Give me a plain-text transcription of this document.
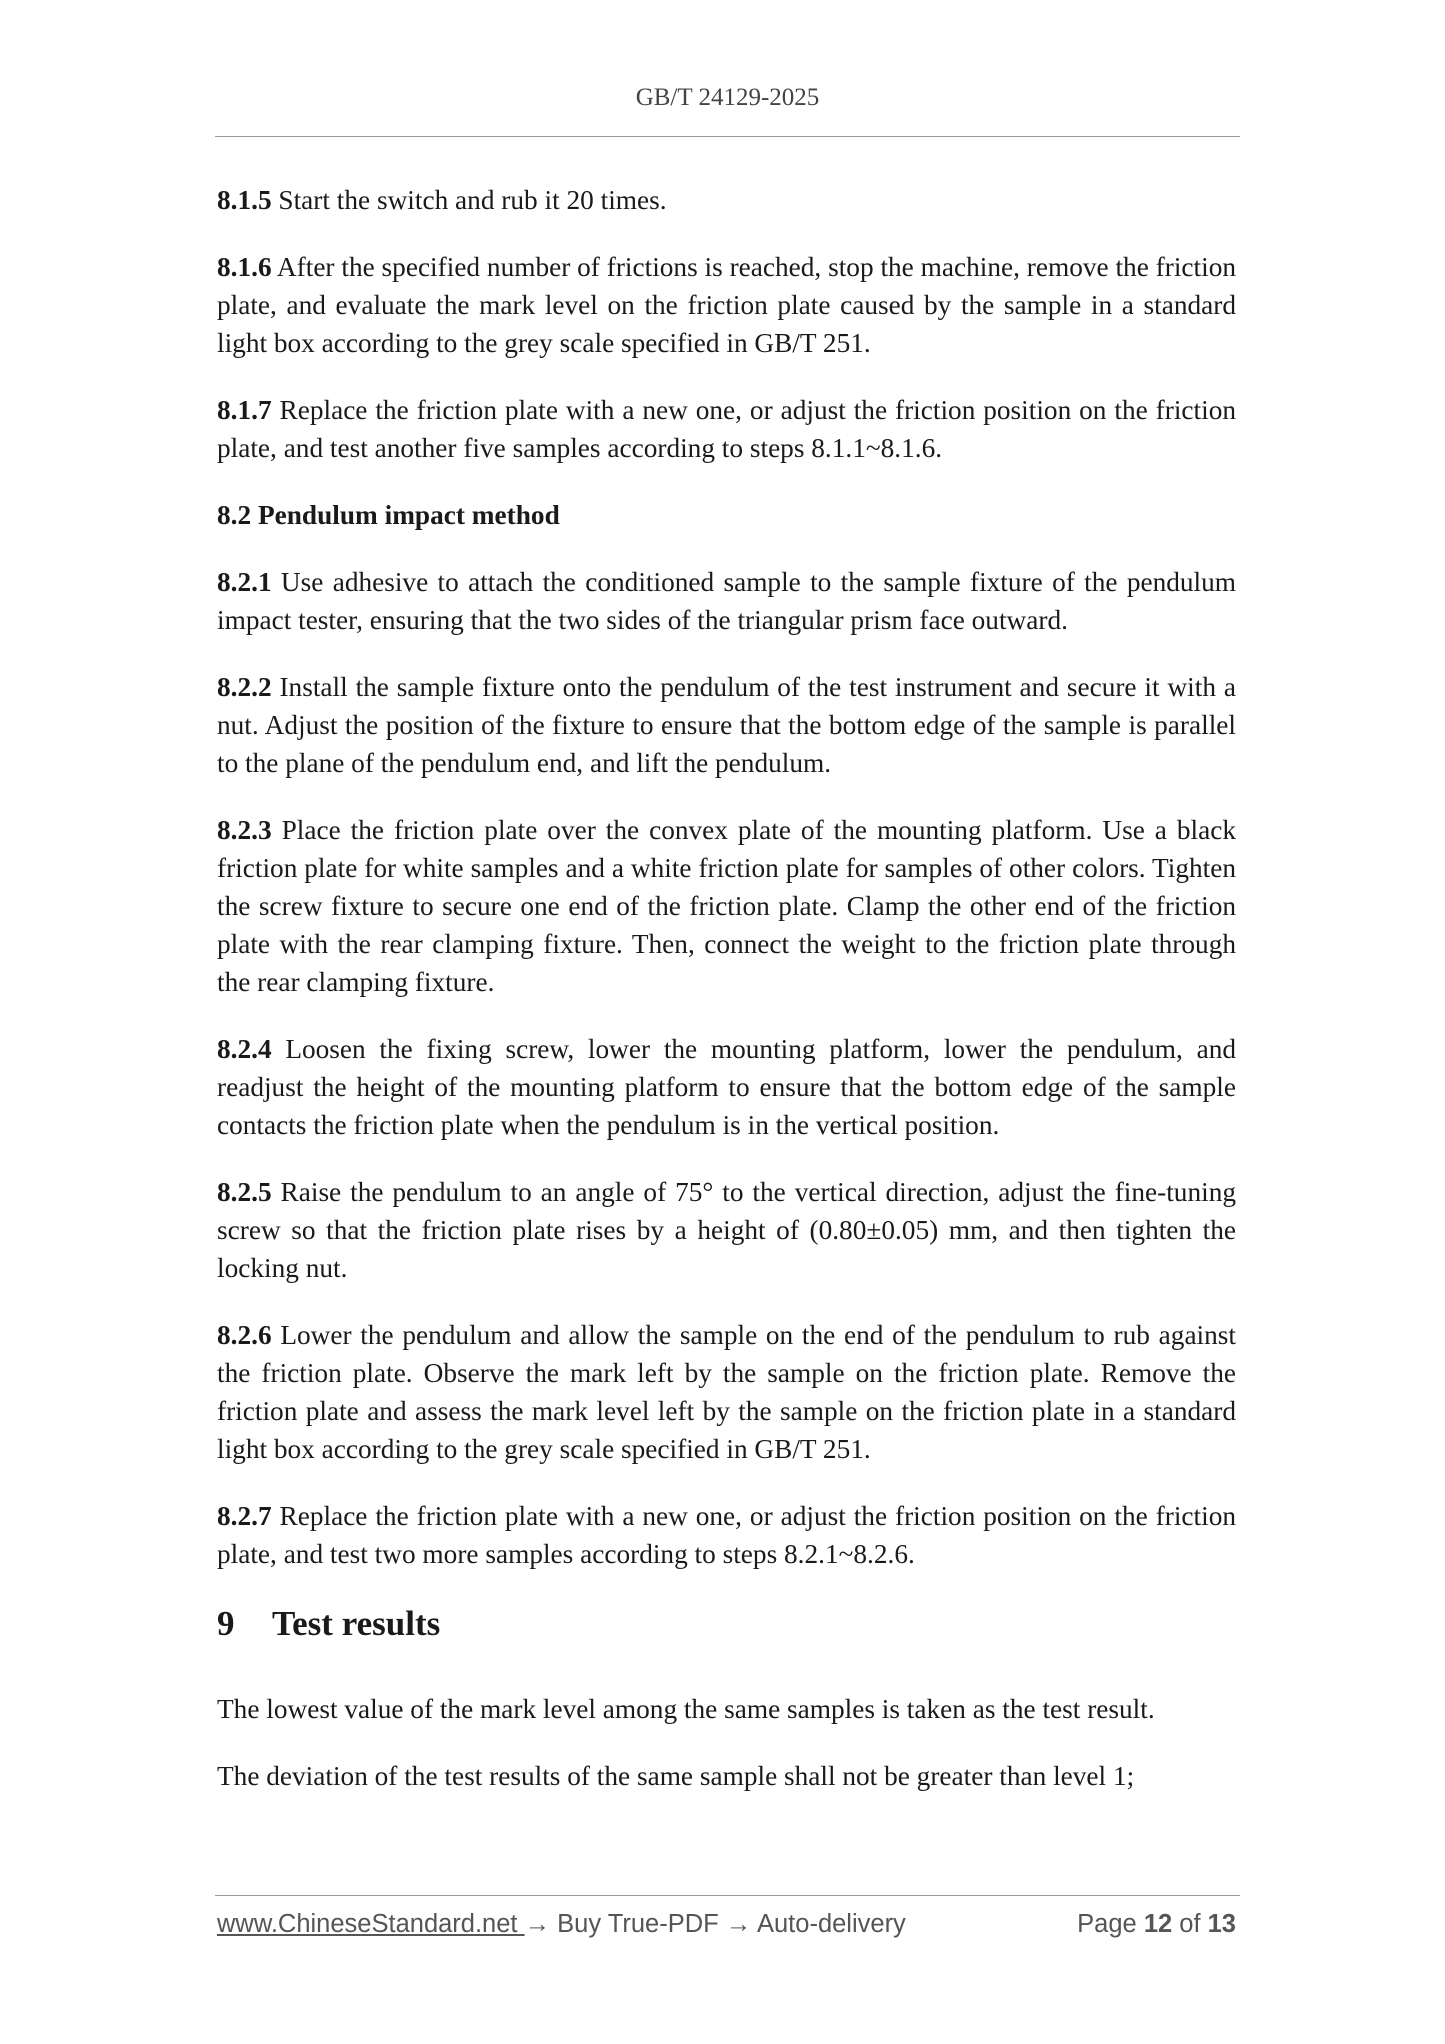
GB/T 24129-2025

8.1.5 Start the switch and rub it 20 times.

8.1.6 After the specified number of frictions is reached, stop the machine, remove the friction plate, and evaluate the mark level on the friction plate caused by the sample in a standard light box according to the grey scale specified in GB/T 251.

8.1.7 Replace the friction plate with a new one, or adjust the friction position on the friction plate, and test another five samples according to steps 8.1.1~8.1.6.

8.2 Pendulum impact method

8.2.1 Use adhesive to attach the conditioned sample to the sample fixture of the pendulum impact tester, ensuring that the two sides of the triangular prism face outward.

8.2.2 Install the sample fixture onto the pendulum of the test instrument and secure it with a nut. Adjust the position of the fixture to ensure that the bottom edge of the sample is parallel to the plane of the pendulum end, and lift the pendulum.

8.2.3 Place the friction plate over the convex plate of the mounting platform. Use a black friction plate for white samples and a white friction plate for samples of other colors. Tighten the screw fixture to secure one end of the friction plate. Clamp the other end of the friction plate with the rear clamping fixture. Then, connect the weight to the friction plate through the rear clamping fixture.

8.2.4 Loosen the fixing screw, lower the mounting platform, lower the pendulum, and readjust the height of the mounting platform to ensure that the bottom edge of the sample contacts the friction plate when the pendulum is in the vertical position.

8.2.5 Raise the pendulum to an angle of 75° to the vertical direction, adjust the fine-tuning screw so that the friction plate rises by a height of (0.80±0.05) mm, and then tighten the locking nut.

8.2.6 Lower the pendulum and allow the sample on the end of the pendulum to rub against the friction plate. Observe the mark left by the sample on the friction plate. Remove the friction plate and assess the mark level left by the sample on the friction plate in a standard light box according to the grey scale specified in GB/T 251.

8.2.7 Replace the friction plate with a new one, or adjust the friction position on the friction plate, and test two more samples according to steps 8.2.1~8.2.6.

9 Test results

The lowest value of the mark level among the same samples is taken as the test result.

The deviation of the test results of the same sample shall not be greater than level 1;

www.ChineseStandard.net → Buy True-PDF → Auto-delivery	Page 12 of 13
